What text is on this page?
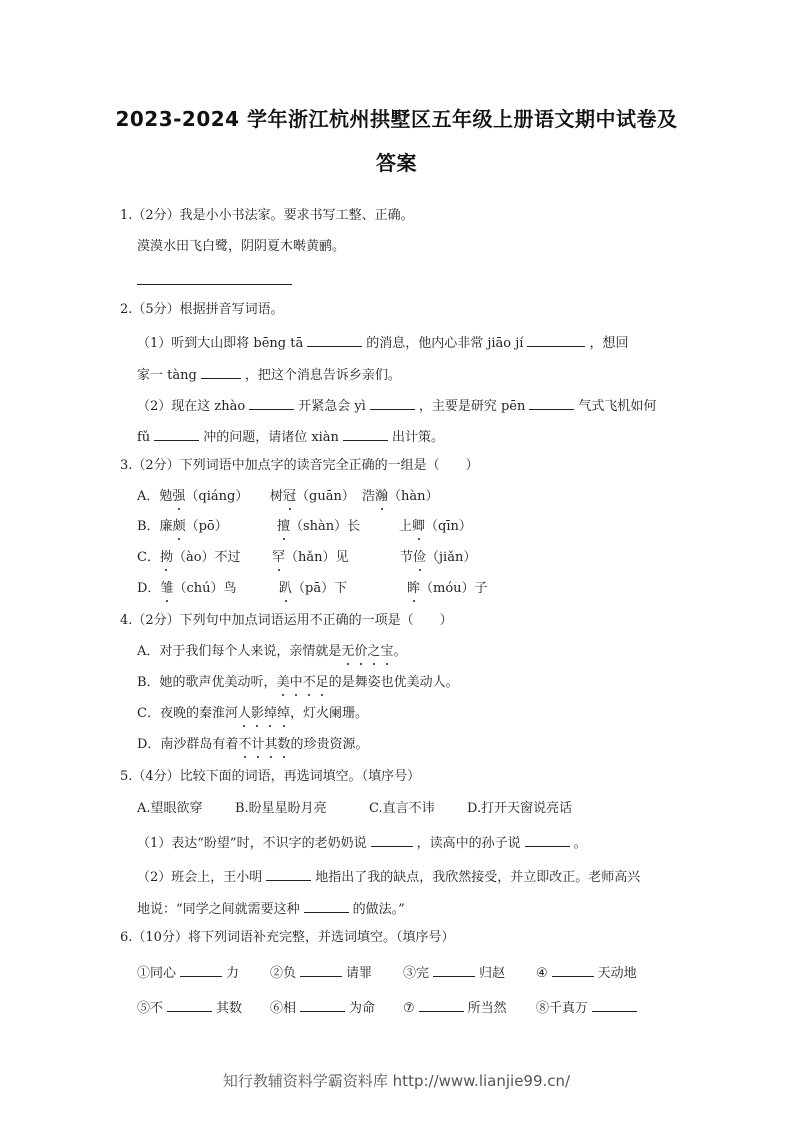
2023-2024 学年浙江杭州拱墅区五年级上册语文期中试卷及
答案
1.（2分）我是小小书法家。要求书写工整、正确。
漠漠水田飞白鹭，阴阴夏木啭黄鹂。
2.（5分）根据拼音写词语。
（1）听到大山即将 bēng tā	的消息，他内心非常 jiāo jí	，想回
家一 tàng	，把这个消息告诉乡亲们。
（2）现在这 zhào	开紧急会 yì	，主要是研究 pēn	气式飞机如何
fǔ	冲的问题，请诸位 xiàn	出计策。
3.（2分）下列词语中加点字的读音完全正确的一组是（　　）
A．勉强（qiáng） 树冠（guān） 浩瀚（hàn）
B．廉颇（pō）	擅（shàn）长	上卿（qīn）
C．拗（ào）不过 罕（hǎn）见	节俭（jiǎn）
D．雏（chú）鸟	趴（pā）下	眸（móu）子
4.（2分）下列句中加点词语运用不正确的一项是（　　）
A．对于我们每个人来说，亲情就是无价之宝。
B．她的歌声优美动听，美中不足的是舞姿也优美动人。
C．夜晚的秦淮河人影绰绰，灯火阑珊。
D．南沙群岛有着不计其数的珍贵资源。
5.（4分）比较下面的词语，再选词填空。（填序号）
A.望眼欲穿 B.盼星星盼月亮	C.直言不讳 D.打开天窗说亮话
（1）表达“盼望”时，不识字的老奶奶说	，读高中的孙子说	。
（2）班会上，王小明	地指出了我的缺点，我欣然接受，并立即改正。老师高兴
地说：“同学之间就需要这种	的做法。”
6.（10分）将下列词语补充完整，并选词填空。（填序号）
①同心	力 ②负	请罪 ③完	归赵 ④	天动地
⑤不	其数 ⑥相	为命 ⑦	所当然 ⑧千真万
知行教辅资料学霸资料库 http://www.lianjie99.cn/
